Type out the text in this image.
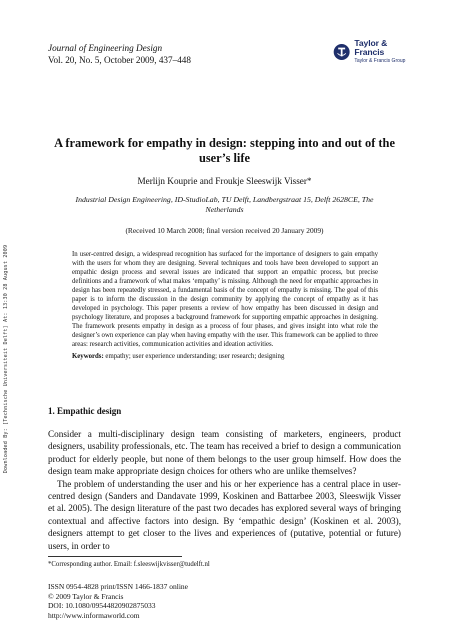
Journal of Engineering Design
Vol. 20, No. 5, October 2009, 437–448
Taylor & Francis
Taylor & Francis Group
Downloaded By: [Technische Universiteit Delft] At: 13:30 28 August 2009
A framework for empathy in design: stepping into and out of the user’s life
Merlijn Kouprie and Froukje Sleeswijk Visser*
Industrial Design Engineering, ID-StudioLab, TU Delft, Landbergstraat 15, Delft 2628CE, The Netherlands
(Received 10 March 2008; final version received 20 January 2009)
In user-centred design, a widespread recognition has surfaced for the importance of designers to gain empathy with the users for whom they are designing. Several techniques and tools have been developed to support an empathic design process and several issues are indicated that support an empathic process, but precise definitions and a framework of what makes ‘empathy’ is missing. Although the need for empathic approaches in design has been repeatedly stressed, a fundamental basis of the concept of empathy is missing. The goal of this paper is to inform the discussion in the design community by applying the concept of empathy as it has developed in psychology. This paper presents a review of how empathy has been discussed in design and psychology literature, and proposes a background framework for supporting empathic approaches in designing. The framework presents empathy in design as a process of four phases, and gives insight into what role the designer’s own experience can play when having empathy with the user. This framework can be applied to three areas: research activities, communication activities and ideation activities.
Keywords: empathy; user experience understanding; user research; designing
1. Empathic design

Consider a multi-disciplinary design team consisting of marketers, engineers, product designers, usability professionals, etc. The team has received a brief to design a communication product for elderly people, but none of them belongs to the user group himself. How does the design team make appropriate design choices for others who are unlike themselves?

The problem of understanding the user and his or her experience has a central place in user-centred design (Sanders and Dandavate 1999, Koskinen and Battarbee 2003, Sleeswijk Visser et al. 2005). The design literature of the past two decades has explored several ways of bringing contextual and affective factors into design. By ‘empathic design’ (Koskinen et al. 2003), designers attempt to get closer to the lives and experiences of (putative, potential or future) users, in order to

*Corresponding author. Email: f.sleeswijkvisser@tudelft.nl
ISSN 0954-4828 print/ISSN 1466-1837 online
© 2009 Taylor & Francis
DOI: 10.1080/09544820902875033
http://www.informaworld.com
